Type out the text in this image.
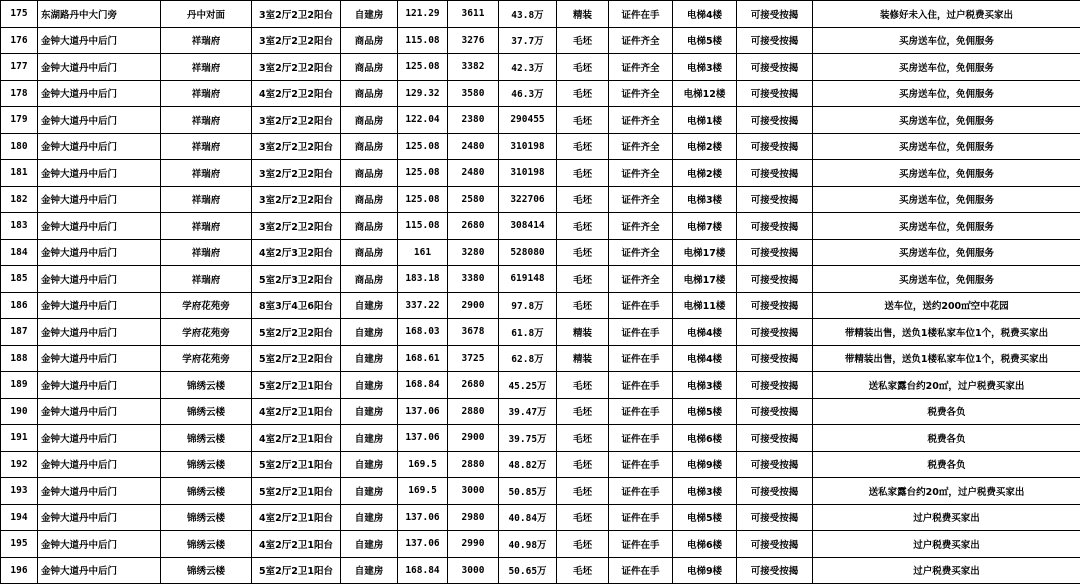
175	东湖路丹中大门旁	丹中对面	3室2厅2卫2阳台	自建房	121.29	3611	43.8万	精装	证件在手	电梯4楼	可接受按揭	装修好未入住，过户税费买家出
176	金钟大道丹中后门	祥瑞府	3室2厅2卫2阳台	商品房	115.08	3276	37.7万	毛坯	证件齐全	电梯5楼	可接受按揭	买房送车位，免佣服务
177	金钟大道丹中后门	祥瑞府	3室2厅2卫2阳台	商品房	125.08	3382	42.3万	毛坯	证件齐全	电梯3楼	可接受按揭	买房送车位，免佣服务
178	金钟大道丹中后门	祥瑞府	4室2厅2卫2阳台	商品房	129.32	3580	46.3万	毛坯	证件齐全	电梯12楼	可接受按揭	买房送车位，免佣服务
179	金钟大道丹中后门	祥瑞府	3室2厅2卫2阳台	商品房	122.04	2380	290455	毛坯	证件齐全	电梯1楼	可接受按揭	买房送车位，免佣服务
180	金钟大道丹中后门	祥瑞府	3室2厅2卫2阳台	商品房	125.08	2480	310198	毛坯	证件齐全	电梯2楼	可接受按揭	买房送车位，免佣服务
181	金钟大道丹中后门	祥瑞府	3室2厅2卫2阳台	商品房	125.08	2480	310198	毛坯	证件齐全	电梯2楼	可接受按揭	买房送车位，免佣服务
182	金钟大道丹中后门	祥瑞府	3室2厅2卫2阳台	商品房	125.08	2580	322706	毛坯	证件齐全	电梯3楼	可接受按揭	买房送车位，免佣服务
183	金钟大道丹中后门	祥瑞府	3室2厅2卫2阳台	商品房	115.08	2680	308414	毛坯	证件齐全	电梯7楼	可接受按揭	买房送车位，免佣服务
184	金钟大道丹中后门	祥瑞府	4室2厅3卫2阳台	商品房	161	3280	528080	毛坯	证件齐全	电梯17楼	可接受按揭	买房送车位，免佣服务
185	金钟大道丹中后门	祥瑞府	5室2厅3卫2阳台	商品房	183.18	3380	619148	毛坯	证件齐全	电梯17楼	可接受按揭	买房送车位，免佣服务
186	金钟大道丹中后门	学府花苑旁	8室3厅4卫6阳台	自建房	337.22	2900	97.8万	毛坯	证件在手	电梯11楼	可接受按揭	送车位，送约200㎡空中花园
187	金钟大道丹中后门	学府花苑旁	5室2厅2卫2阳台	自建房	168.03	3678	61.8万	精装	证件在手	电梯4楼	可接受按揭	带精装出售，送负1楼私家车位1个，税费买家出
188	金钟大道丹中后门	学府花苑旁	5室2厅2卫2阳台	自建房	168.61	3725	62.8万	精装	证件在手	电梯4楼	可接受按揭	带精装出售，送负1楼私家车位1个，税费买家出
189	金钟大道丹中后门	锦绣云楼	5室2厅2卫1阳台	自建房	168.84	2680	45.25万	毛坯	证件在手	电梯3楼	可接受按揭	送私家露台约20㎡，过户税费买家出
190	金钟大道丹中后门	锦绣云楼	4室2厅2卫1阳台	自建房	137.06	2880	39.47万	毛坯	证件在手	电梯5楼	可接受按揭	税费各负
191	金钟大道丹中后门	锦绣云楼	4室2厅2卫1阳台	自建房	137.06	2900	39.75万	毛坯	证件在手	电梯6楼	可接受按揭	税费各负
192	金钟大道丹中后门	锦绣云楼	5室2厅2卫1阳台	自建房	169.5	2880	48.82万	毛坯	证件在手	电梯9楼	可接受按揭	税费各负
193	金钟大道丹中后门	锦绣云楼	5室2厅2卫1阳台	自建房	169.5	3000	50.85万	毛坯	证件在手	电梯3楼	可接受按揭	送私家露台约20㎡，过户税费买家出
194	金钟大道丹中后门	锦绣云楼	4室2厅2卫1阳台	自建房	137.06	2980	40.84万	毛坯	证件在手	电梯5楼	可接受按揭	过户税费买家出
195	金钟大道丹中后门	锦绣云楼	4室2厅2卫1阳台	自建房	137.06	2990	40.98万	毛坯	证件在手	电梯6楼	可接受按揭	过户税费买家出
196	金钟大道丹中后门	锦绣云楼	5室2厅2卫1阳台	自建房	168.84	3000	50.65万	毛坯	证件在手	电梯9楼	可接受按揭	过户税费买家出
